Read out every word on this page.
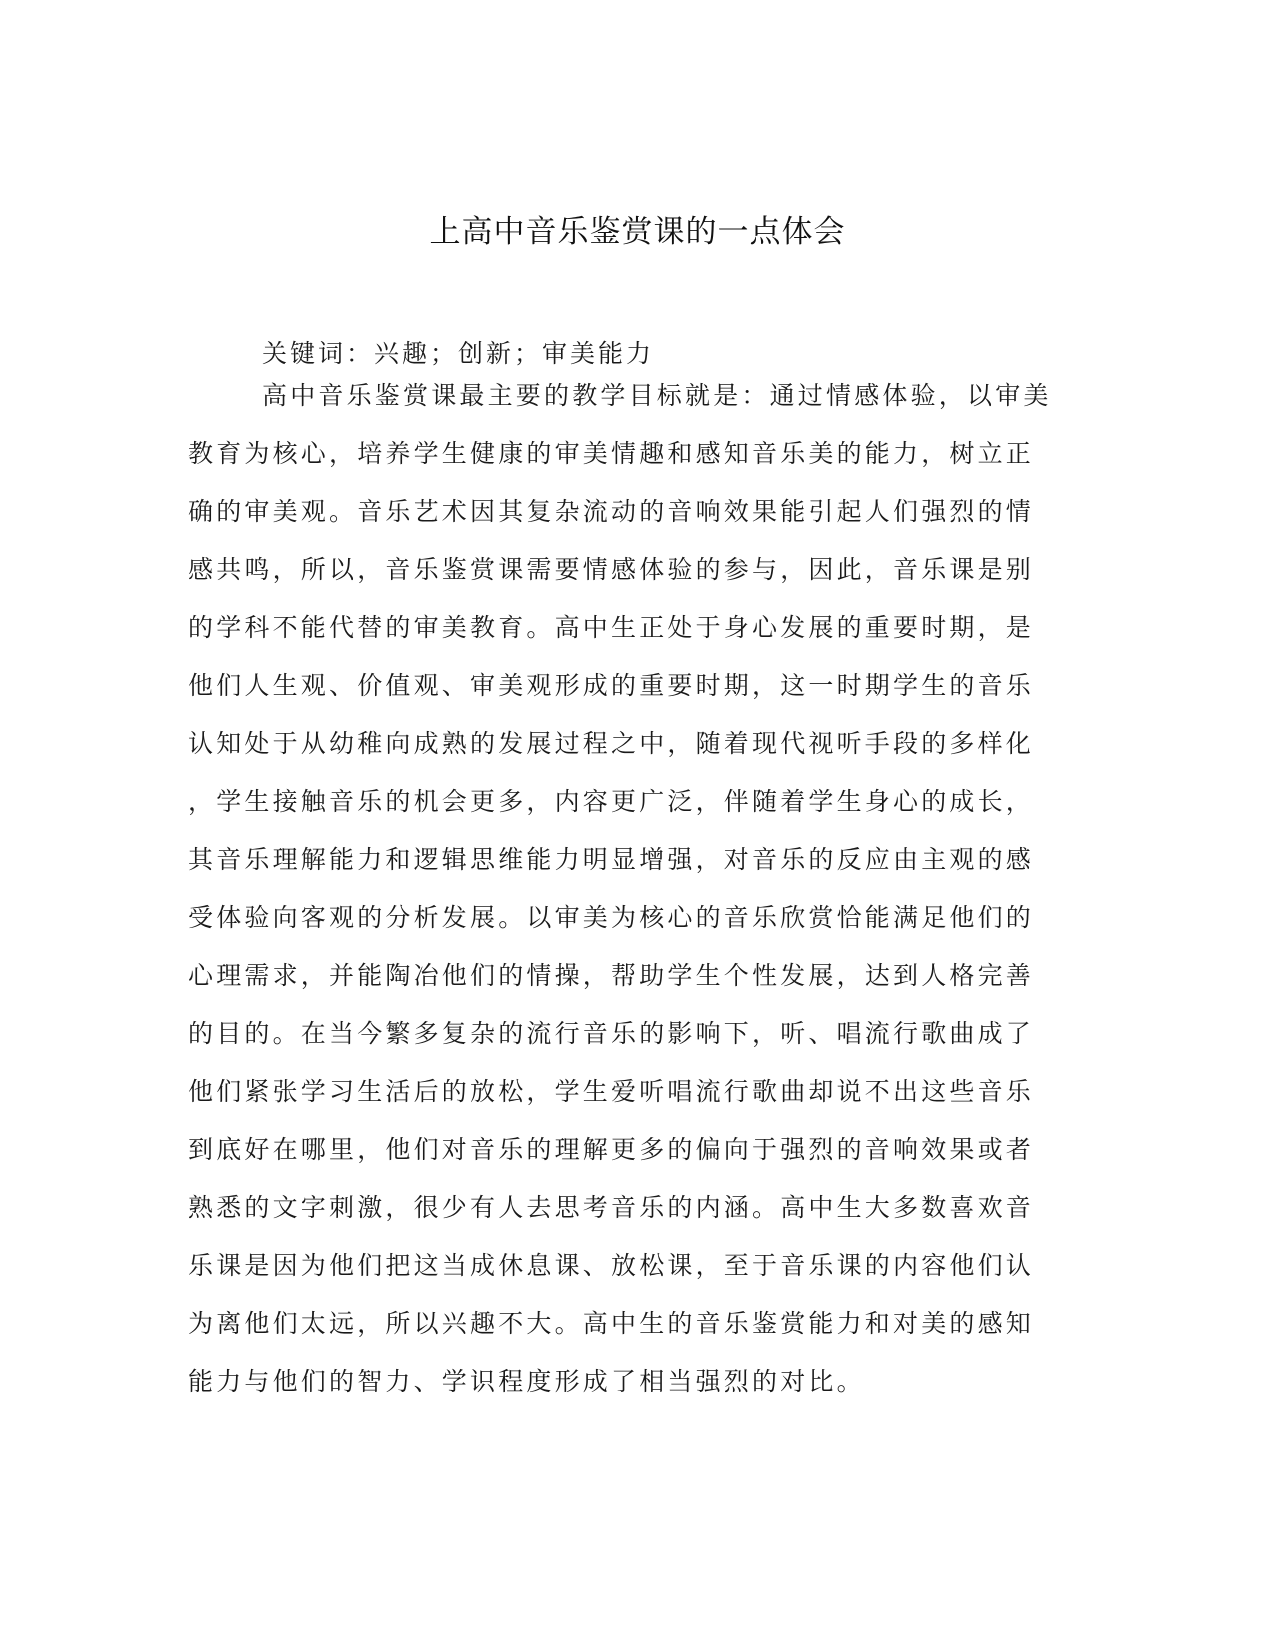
上高中音乐鉴赏课的一点体会
关键词：兴趣；创新；审美能力
高中音乐鉴赏课最主要的教学目标就是：通过情感体验，以审美
教育为核心，培养学生健康的审美情趣和感知音乐美的能力，树立正
确的审美观。音乐艺术因其复杂流动的音响效果能引起人们强烈的情
感共鸣，所以，音乐鉴赏课需要情感体验的参与，因此，音乐课是别
的学科不能代替的审美教育。高中生正处于身心发展的重要时期，是
他们人生观、价值观、审美观形成的重要时期，这一时期学生的音乐
认知处于从幼稚向成熟的发展过程之中，随着现代视听手段的多样化
，学生接触音乐的机会更多，内容更广泛，伴随着学生身心的成长，
其音乐理解能力和逻辑思维能力明显增强，对音乐的反应由主观的感
受体验向客观的分析发展。以审美为核心的音乐欣赏恰能满足他们的
心理需求，并能陶冶他们的情操，帮助学生个性发展，达到人格完善
的目的。在当今繁多复杂的流行音乐的影响下，听、唱流行歌曲成了
他们紧张学习生活后的放松，学生爱听唱流行歌曲却说不出这些音乐
到底好在哪里，他们对音乐的理解更多的偏向于强烈的音响效果或者
熟悉的文字刺激，很少有人去思考音乐的内涵。高中生大多数喜欢音
乐课是因为他们把这当成休息课、放松课，至于音乐课的内容他们认
为离他们太远，所以兴趣不大。高中生的音乐鉴赏能力和对美的感知
能力与他们的智力、学识程度形成了相当强烈的对比。
